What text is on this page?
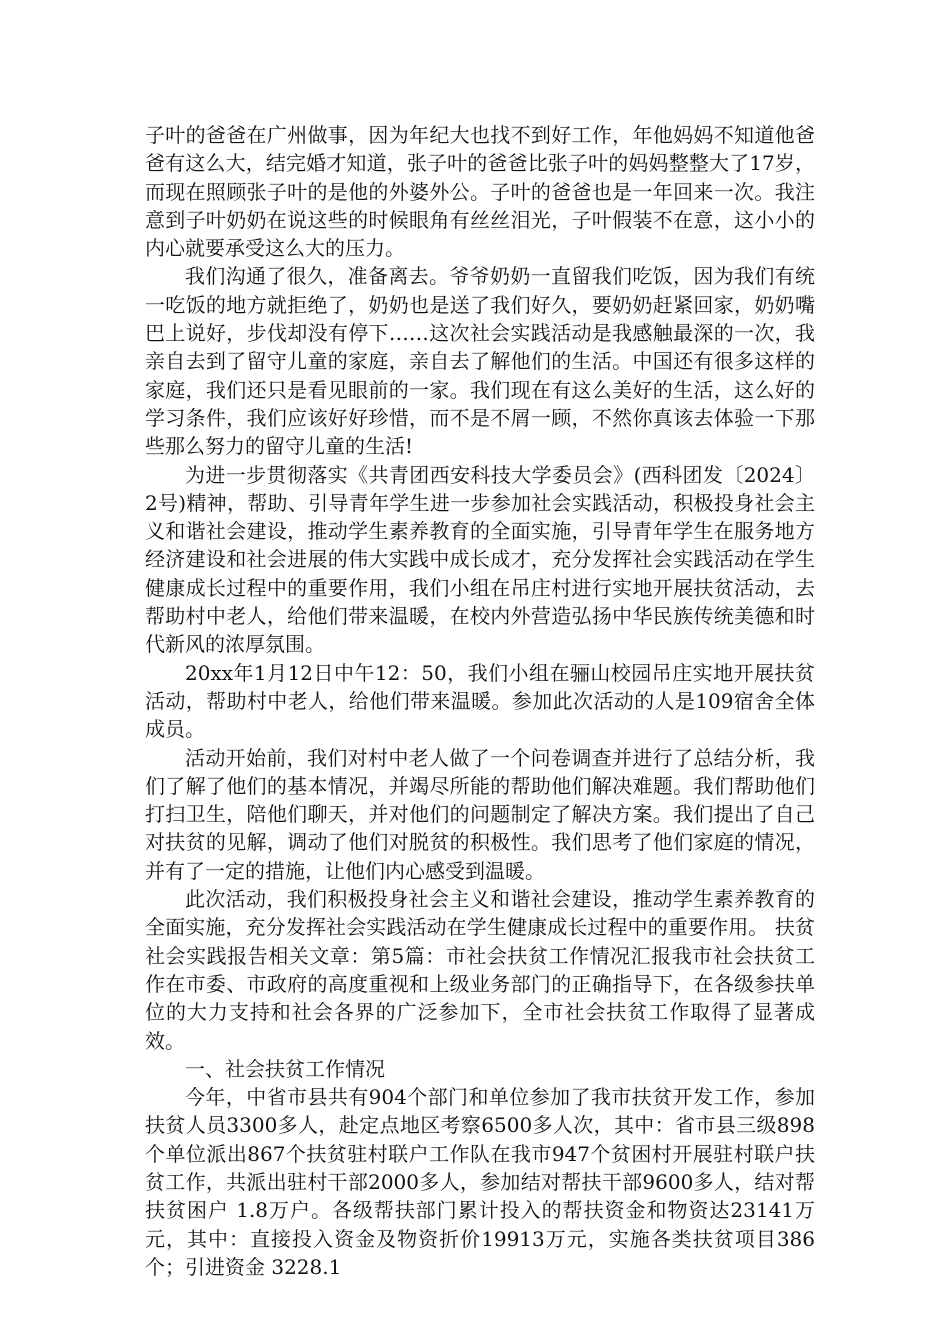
子叶的爸爸在广州做事，因为年纪大也找不到好工作，年他妈妈不知道他爸爸有这么大，结完婚才知道，张子叶的爸爸比张子叶的妈妈整整大了17岁，而现在照顾张子叶的是他的外婆外公。子叶的爸爸也是一年回来一次。我注意到子叶奶奶在说这些的时候眼角有丝丝泪光，子叶假装不在意，这小小的内心就要承受这么大的压力。

我们沟通了很久，准备离去。爷爷奶奶一直留我们吃饭，因为我们有统一吃饭的地方就拒绝了，奶奶也是送了我们好久，要奶奶赶紧回家，奶奶嘴巴上说好，步伐却没有停下……这次社会实践活动是我感触最深的一次，我亲自去到了留守儿童的家庭，亲自去了解他们的生活。中国还有很多这样的家庭，我们还只是看见眼前的一家。我们现在有这么美好的生活，这么好的学习条件，我们应该好好珍惜，而不是不屑一顾，不然你真该去体验一下那些那么努力的留守儿童的生活!

为进一步贯彻落实《共青团西安科技大学委员会》(西科团发〔2024〕2号)精神，帮助、引导青年学生进一步参加社会实践活动，积极投身社会主义和谐社会建设，推动学生素养教育的全面实施，引导青年学生在服务地方经济建设和社会进展的伟大实践中成长成才，充分发挥社会实践活动在学生健康成长过程中的重要作用，我们小组在吊庄村进行实地开展扶贫活动，去帮助村中老人，给他们带来温暖，在校内外营造弘扬中华民族传统美德和时代新风的浓厚氛围。

20xx年1月12日中午12：50，我们小组在骊山校园吊庄实地开展扶贫活动，帮助村中老人，给他们带来温暖。参加此次活动的人是109宿舍全体成员。

活动开始前，我们对村中老人做了一个问卷调查并进行了总结分析，我们了解了他们的基本情况，并竭尽所能的帮助他们解决难题。我们帮助他们打扫卫生，陪他们聊天，并对他们的问题制定了解决方案。我们提出了自己对扶贫的见解，调动了他们对脱贫的积极性。我们思考了他们家庭的情况，并有了一定的措施，让他们内心感受到温暖。

此次活动，我们积极投身社会主义和谐社会建设，推动学生素养教育的全面实施，充分发挥社会实践活动在学生健康成长过程中的重要作用。 扶贫社会实践报告相关文章：第5篇：市社会扶贫工作情况汇报我市社会扶贫工作在市委、市政府的高度重视和上级业务部门的正确指导下，在各级参扶单位的大力支持和社会各界的广泛参加下，全市社会扶贫工作取得了显著成效。

一、社会扶贫工作情况

今年，中省市县共有904个部门和单位参加了我市扶贫开发工作，参加扶贫人员3300多人，赴定点地区考察6500多人次，其中：省市县三级898个单位派出867个扶贫驻村联户工作队在我市947个贫困村开展驻村联户扶贫工作，共派出驻村干部2000多人，参加结对帮扶干部9600多人，结对帮扶贫困户 1.8万户。各级帮扶部门累计投入的帮扶资金和物资达23141万元，其中：直接投入资金及物资折价19913万元，实施各类扶贫项目386个；引进资金 3228.1
